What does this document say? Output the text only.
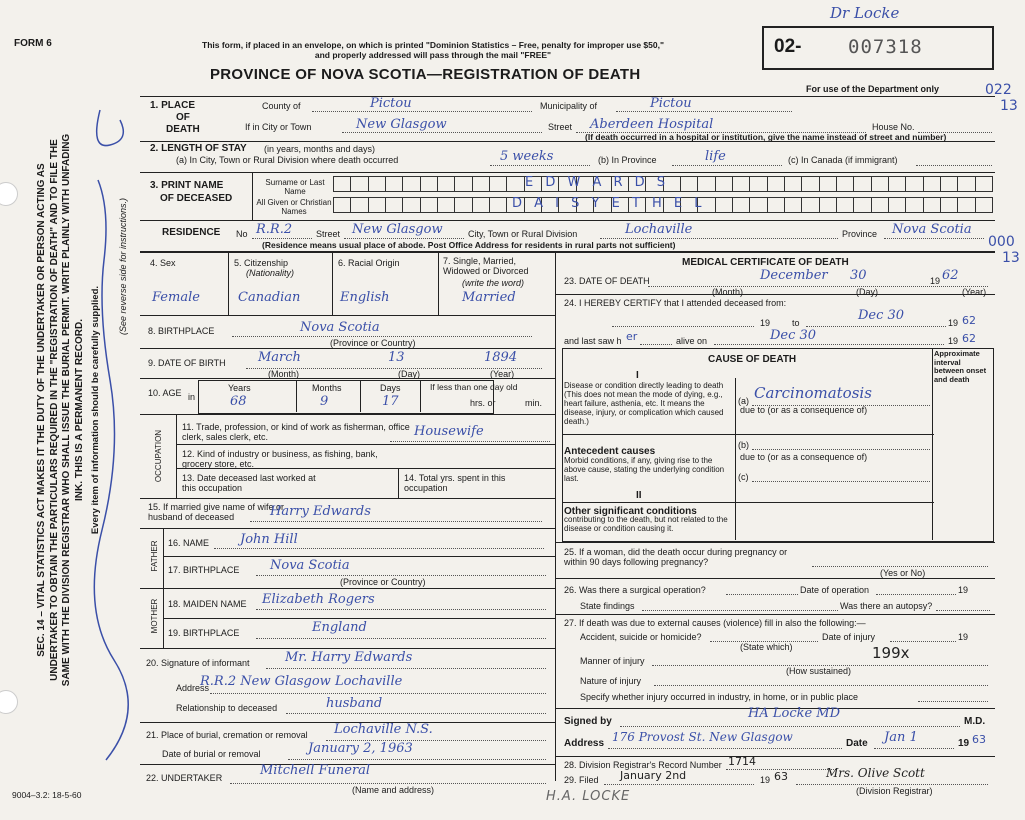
FORM 6	This form, if placed in an envelope, on which is printed "Dominion Statistics – Free, penalty for improper use $50," and properly addressed will pass through the mail "FREE"
PROVINCE OF NOVA SCOTIA—REGISTRATION OF DEATH
02- 007318
Dr Locke
For use of the Department only	022
13
000
13
SEC. 14 – VITAL STATISTICS ACT MAKES IT THE DUTY OF THE UNDERTAKER OR PERSON ACTING AS UNDERTAKER TO OBTAIN THE PARTICULARS REQUIRED IN THE "REGISTRATION OF DEATH" AND TO FILE THE SAME WITH THE DIVISION REGISTRAR WHO SHALL ISSUE THE BURIAL PERMIT. WRITE PLAINLY WITH UNFADING INK. THIS IS A PERMANENT RECORD. Every item of information should be carefully supplied.
(See reverse side for instructions.)
1. PLACE
OF
DEATH
County of	Pictou	Municipality of	Pictou
If in City or Town	New Glasgow	Street Aberdeen Hospital	House No.
(If death occurred in a hospital or institution, give the name instead of street and number)
2. LENGTH OF STAY (in years, months and days)
(a) In City, Town or Rural Division where death occurred	5 weeks	(b) In Province	life	(c) In Canada (if immigrant)
3. PRINT NAME
OF DECEASED
Surname or Last Name
All Given or Christian Names
E D W A R D S
D A I S Y E T H E L
RESIDENCE No R.R.2	Street New Glasgow	City, Town or Rural Division	Lochaville	Province Nova Scotia
(Residence means usual place of abode. Post Office Address for residents in rural parts not sufficient)
4. Sex	5. Citizenship
(Nationality)
6. Racial Origin	7. Single, Married, Widowed or Divorced
(write the word)
Female	Canadian	English	Married
8. BIRTHPLACE	Nova Scotia
(Province or Country)
9. DATE OF BIRTH March	13	1894
(Month)	(Day)	(Year)
10. AGE in
Years	Months	Days
68	9	17
If less than one day old
hrs. or	min.
OCCUPATION
11. Trade, profession, or kind of work as fisherman, office clerk, sales clerk, etc.	Housewife
12. Kind of industry or business, as fishing, bank, grocery store, etc.
13. Date deceased last worked at this occupation
14. Total yrs. spent in this occupation
15. If married give name of wife or husband of deceased	Harry Edwards
FATHER 16. NAME John Hill
17. BIRTHPLACE Nova Scotia
(Province or Country)
MOTHER 18. MAIDEN NAME Elizabeth Rogers
19. BIRTHPLACE	England
20. Signature of informant	Mr. Harry Edwards
Address
R.R.2 New Glasgow Lochaville
Relationship to deceased	husband
21. Place of burial, cremation or removal Lochaville N.S.
Date of burial or removal	January 2, 1963
22. UNDERTAKER	Mitchell Funeral
(Name and address)
MEDICAL CERTIFICATE OF DEATH
23. DATE OF DEATH	December 30	19 62
(Month)	(Day)	(Year)
24. I HEREBY CERTIFY that I attended deceased from:
19 to	Dec 30	19 62
and last saw h er	alive on	Dec 30	19 62
CAUSE OF DEATH
Approximate interval between onset and death
I
Disease or condition directly leading to death (This does not mean the mode of dying, e.g., heart failure, asthenia, etc. It means the disease, injury, or complication which caused death.)
(a) Carcinomatosis
due to (or as a consequence of)
(b)
Antecedent causes
Morbid conditions, if any, giving rise to the above cause, stating the underlying condition last.
due to (or as a consequence of)
(c)
II
Other significant conditions
contributing to the death, but not related to the disease or condition causing it.
25. If a woman, did the death occur during pregnancy or within 90 days following pregnancy?
(Yes or No)
26. Was there a surgical operation?	Date of operation	19
State findings	Was there an autopsy?
27. If death was due to external causes (violence) fill in also the following:—
Accident, suicide or homicide?
(State which)
Date of injury	19
Manner of injury	199x
(How sustained)
Nature of injury
Specify whether injury occurred in industry, in home, or in public place
Signed by
HA Locke MD
M.D.
Address 176 Provost St. New Glasgow	Date Jan 1	19 63
28. Division Registrar's Record Number 1714
29. Filed January 2nd	19 63	Mrs. Olive Scott
(Division Registrar)
9004–3.2: 18-5-60	H.A. LOCKE
